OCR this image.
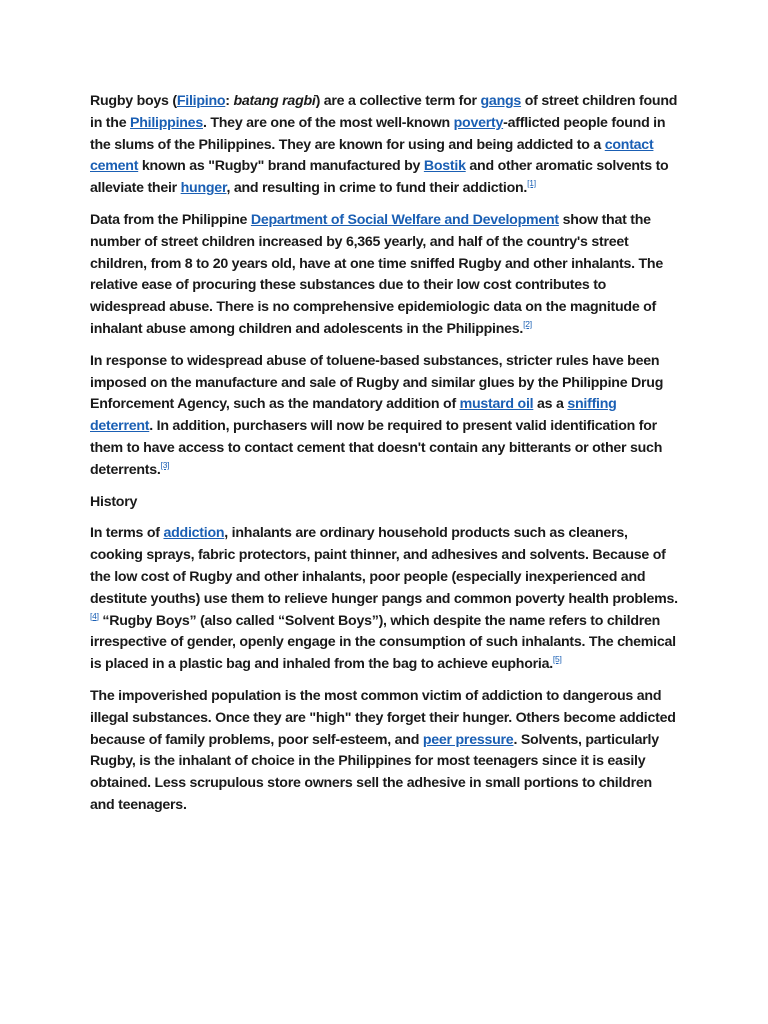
Rugby boys (Filipino: batang ragbi) are a collective term for gangs of street children found in the Philippines. They are one of the most well-known poverty-afflicted people found in the slums of the Philippines. They are known for using and being addicted to a contact cement known as "Rugby" brand manufactured by Bostik and other aromatic solvents to alleviate their hunger, and resulting in crime to fund their addiction.[1]

Data from the Philippine Department of Social Welfare and Development show that the number of street children increased by 6,365 yearly, and half of the country's street children, from 8 to 20 years old, have at one time sniffed Rugby and other inhalants. The relative ease of procuring these substances due to their low cost contributes to widespread abuse. There is no comprehensive epidemiologic data on the magnitude of inhalant abuse among children and adolescents in the Philippines.[2]

In response to widespread abuse of toluene-based substances, stricter rules have been imposed on the manufacture and sale of Rugby and similar glues by the Philippine Drug Enforcement Agency, such as the mandatory addition of mustard oil as a sniffing deterrent. In addition, purchasers will now be required to present valid identification for them to have access to contact cement that doesn't contain any bitterants or other such deterrents.[3]

History

In terms of addiction, inhalants are ordinary household products such as cleaners, cooking sprays, fabric protectors, paint thinner, and adhesives and solvents. Because of the low cost of Rugby and other inhalants, poor people (especially inexperienced and destitute youths) use them to relieve hunger pangs and common poverty health problems.[4] “Rugby Boys” (also called “Solvent Boys”), which despite the name refers to children irrespective of gender, openly engage in the consumption of such inhalants. The chemical is placed in a plastic bag and inhaled from the bag to achieve euphoria.[5]

The impoverished population is the most common victim of addiction to dangerous and illegal substances. Once they are "high" they forget their hunger. Others become addicted because of family problems, poor self-esteem, and peer pressure. Solvents, particularly Rugby, is the inhalant of choice in the Philippines for most teenagers since it is easily obtained. Less scrupulous store owners sell the adhesive in small portions to children and teenagers.
